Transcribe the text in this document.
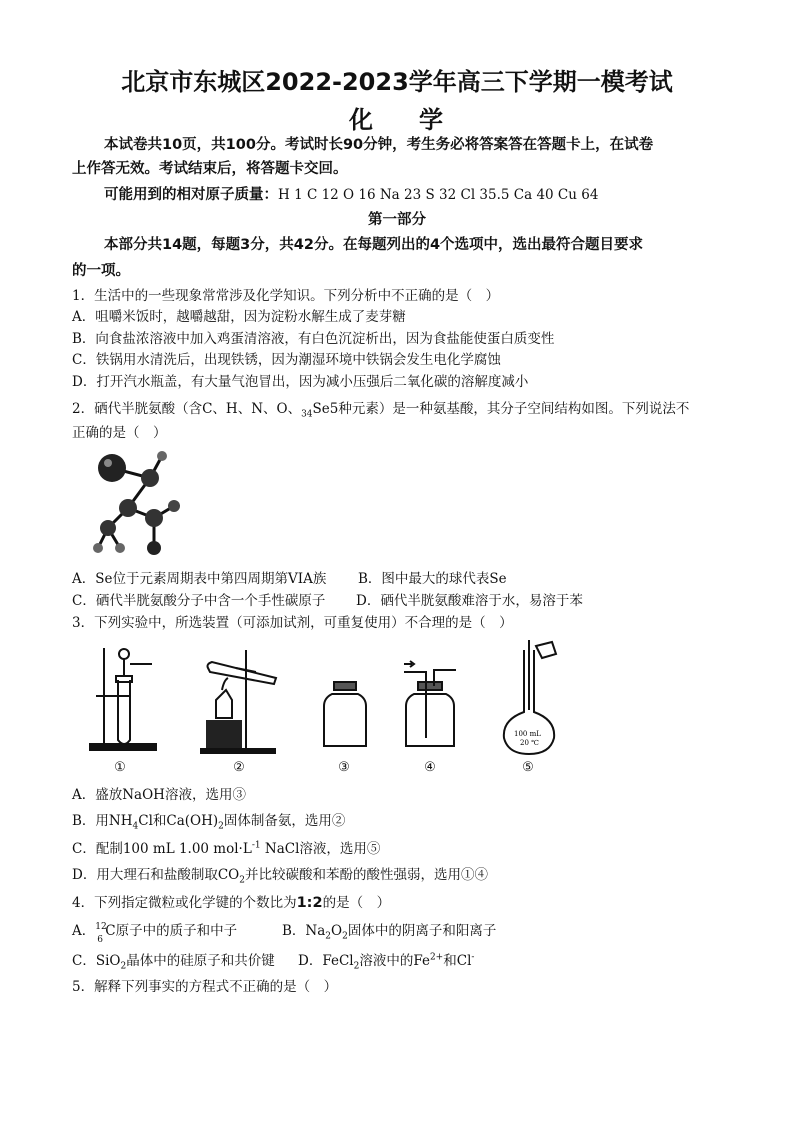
北京市东城区2022-2023学年高三下学期一模考试
化 学
本试卷共10页，共100分。考试时长90分钟，考生务必将答案答在答题卡上，在试卷
上作答无效。考试结束后，将答题卡交回。
可能用到的相对原子质量：H 1 C 12 O 16 Na 23 S 32 Cl 35.5 Ca 40 Cu 64
第一部分
本部分共14题，每题3分，共42分。在每题列出的4个选项中，选出最符合题目要求
的一项。
1．生活中的一些现象常常涉及化学知识。下列分析中不正确的是（　）
A．咀嚼米饭时，越嚼越甜，因为淀粉水解生成了麦芽糖
B．向食盐浓溶液中加入鸡蛋清溶液，有白色沉淀析出，因为食盐能使蛋白质变性
C．铁锅用水清洗后，出现铁锈，因为潮湿环境中铁锅会发生电化学腐蚀
D．打开汽水瓶盖，有大量气泡冒出，因为减小压强后二氧化碳的溶解度减小
2．硒代半胱氨酸（含C、H、N、O、$_{34}$Se5种元素）是一种氨基酸，其分子空间结构如图。下列说法不
正确的是（　）
A．Se位于元素周期表中第四周期第VIA族 B．图中最大的球代表Se
C．硒代半胱氨酸分子中含一个手性碳原子 D．硒代半胱氨酸难溶于水，易溶于苯
3．下列实验中，所选装置（可添加试剂，可重复使用）不合理的是（　）
100 mL
20 ℃
①	②	③	④	⑤
A．盛放NaOH溶液，选用③
B．用$NH_4Cl$和$Ca(OH)_2$固体制备氨，选用②
C．配制100 mL 1.00 $mol\cdot L^{-1}$ NaCl溶液，选用⑤
D．用大理石和盐酸制取$CO_2$并比较碳酸和苯酚的酸性强弱，选用①④
4．下列指定微粒或化学键的个数比为1:2的是（　）
A． 12
6
C原子中的质子和中子	B．$Na_2O_2$固体中的阴离子和阳离子
C．SiO$_2$晶体中的硅原子和共价键 D．FeCl$_2$溶液中的$Fe^{2+}$和Cl-
5．解释下列事实的方程式不正确的是（　）
